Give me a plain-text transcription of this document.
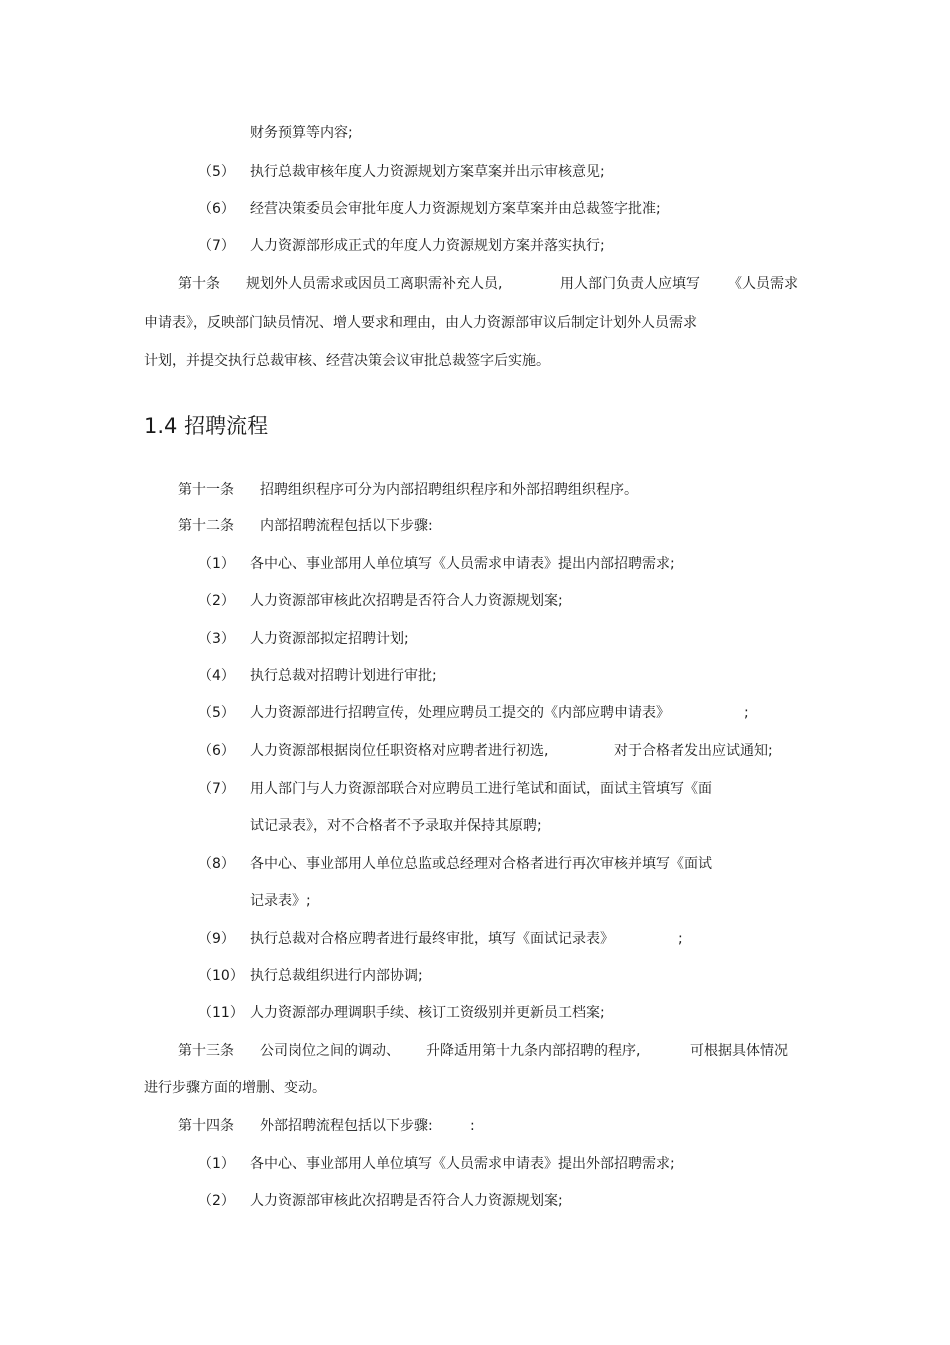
财务预算等内容;
（5） 执行总裁审核年度人力资源规划方案草案并出示审核意见;
（6） 经营决策委员会审批年度人力资源规划方案草案并由总裁签字批准;
（7） 人力资源部形成正式的年度人力资源规划方案并落实执行;
第十条 规划外人员需求或因员工离职需补充人员,	用人部门负责人应填写 《人员需求
申请表》，反映部门缺员情况、增人要求和理由，由人力资源部审议后制定计划外人员需求
计划，并提交执行总裁审核、经营决策会议审批总裁签字后实施。
1.4 招聘流程
第十一条 招聘组织程序可分为内部招聘组织程序和外部招聘组织程序。
第十二条 内部招聘流程包括以下步骤:
（1） 各中心、事业部用人单位填写《人员需求申请表》提出内部招聘需求;
（2） 人力资源部审核此次招聘是否符合人力资源规划案;
（3） 人力资源部拟定招聘计划;
（4） 执行总裁对招聘计划进行审批;
（5） 人力资源部进行招聘宣传，处理应聘员工提交的《内部应聘申请表》	;
（6） 人力资源部根据岗位任职资格对应聘者进行初选,	对于合格者发出应试通知;
（7） 用人部门与人力资源部联合对应聘员工进行笔试和面试，面试主管填写《面
试记录表》，对不合格者不予录取并保持其原聘;
（8） 各中心、事业部用人单位总监或总经理对合格者进行再次审核并填写《面试
记录表》;
（9） 执行总裁对合格应聘者进行最终审批，填写《面试记录表》	;
（10） 执行总裁组织进行内部协调;
（11） 人力资源部办理调职手续、核订工资级别并更新员工档案;
第十三条 公司岗位之间的调动、 升降适用第十九条内部招聘的程序,	可根据具体情况
进行步骤方面的增删、变动。
第十四条 外部招聘流程包括以下步骤:	:
（1） 各中心、事业部用人单位填写《人员需求申请表》提出外部招聘需求;
（2） 人力资源部审核此次招聘是否符合人力资源规划案;
